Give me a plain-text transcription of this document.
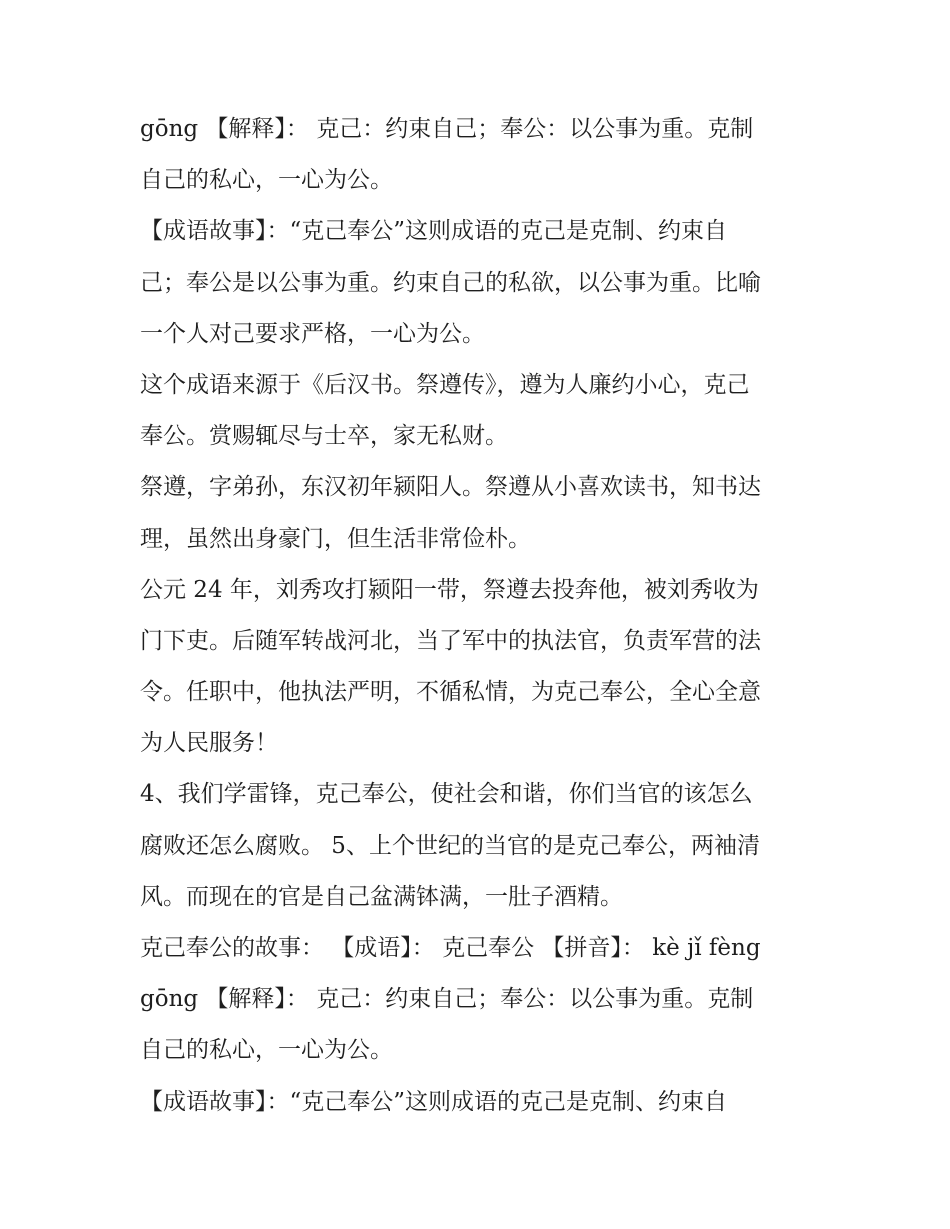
gōng 【解释】： 克己：约束自己；奉公：以公事为重。克制
自己的私心，一心为公。
【成语故事】：“克己奉公”这则成语的克己是克制、约束自
己；奉公是以公事为重。约束自己的私欲，以公事为重。比喻
一个人对己要求严格，一心为公。
这个成语来源于《后汉书。祭遵传》，遵为人廉约小心，克己
奉公。赏赐辄尽与士卒，家无私财。
祭遵，字弟孙，东汉初年颍阳人。祭遵从小喜欢读书，知书达
理，虽然出身豪门，但生活非常俭朴。
公元 24 年，刘秀攻打颍阳一带，祭遵去投奔他，被刘秀收为
门下吏。后随军转战河北，当了军中的执法官，负责军营的法
令。任职中，他执法严明，不循私情，为克己奉公，全心全意
为人民服务！
4、我们学雷锋，克己奉公，使社会和谐，你们当官的该怎么
腐败还怎么腐败。 5、上个世纪的当官的是克己奉公，两袖清
风。而现在的官是自己盆满钵满，一肚子酒精。
克己奉公的故事： 【成语】： 克己奉公 【拼音】： kè jǐ fèng
gōng 【解释】： 克己：约束自己；奉公：以公事为重。克制
自己的私心，一心为公。
【成语故事】：“克己奉公”这则成语的克己是克制、约束自
